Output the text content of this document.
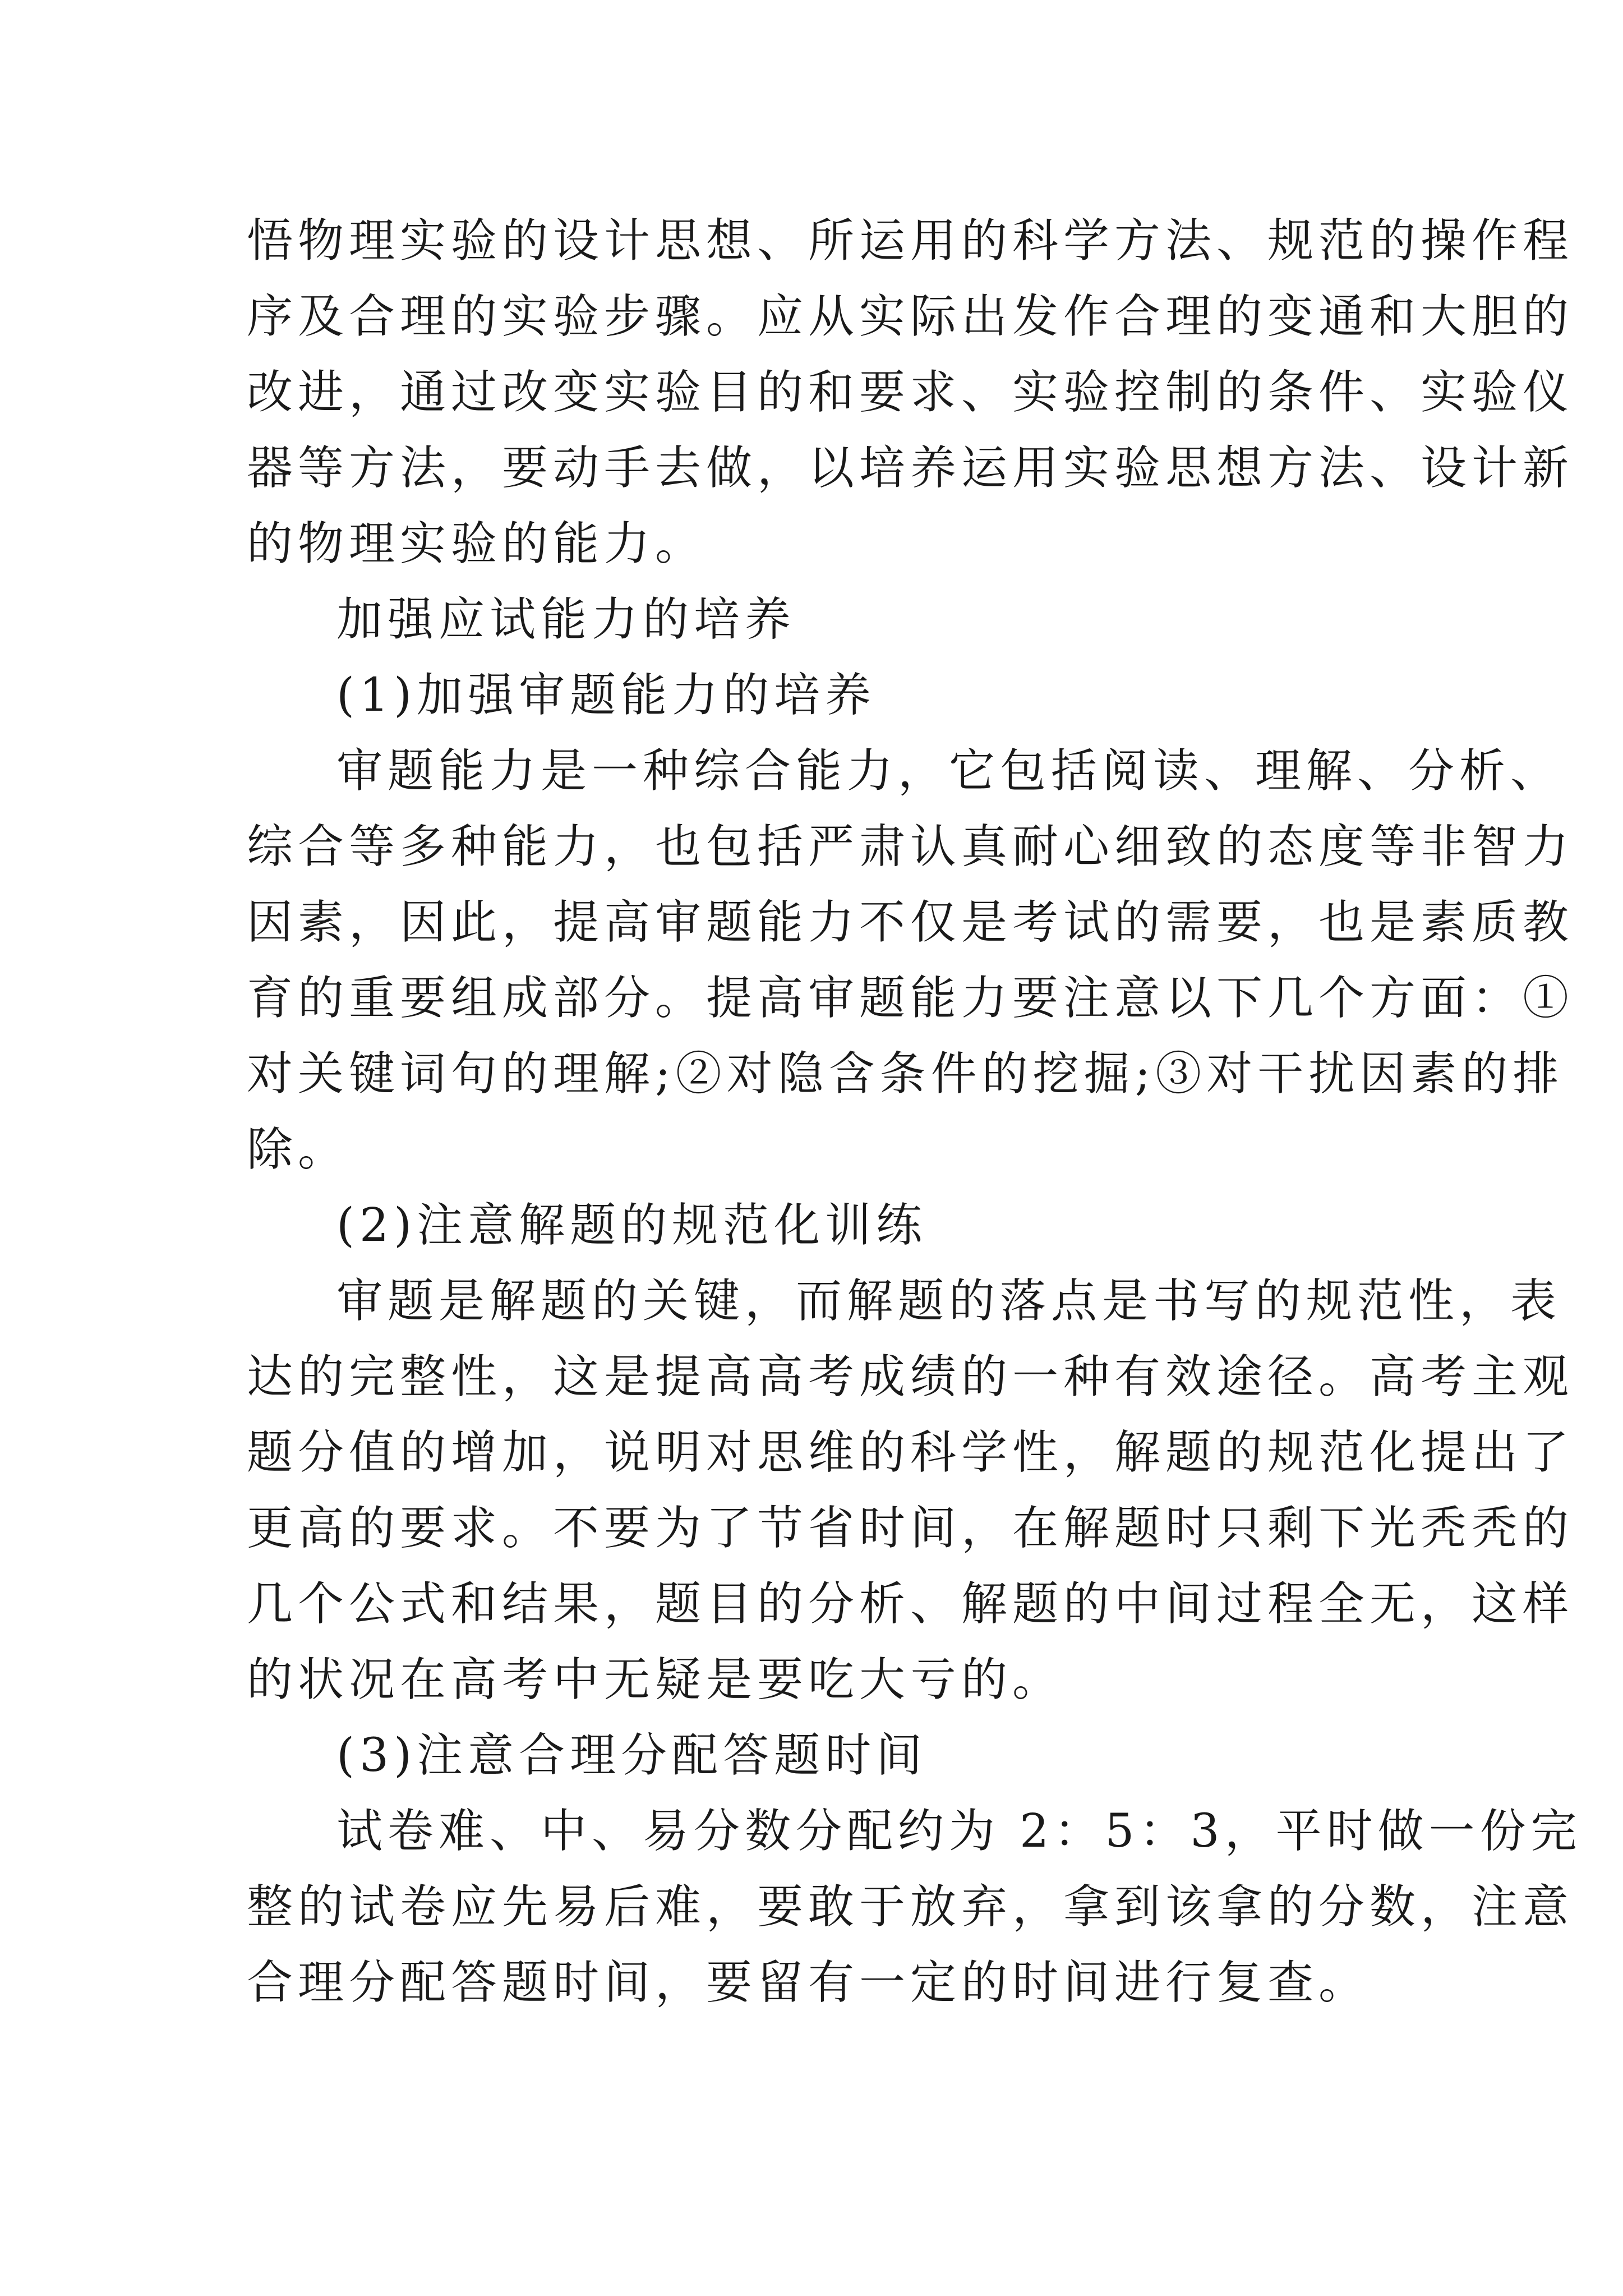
悟物理实验的设计思想、所运用的科学方法、规范的操作程

序及合理的实验步骤。应从实际出发作合理的变通和大胆的

改进，通过改变实验目的和要求、实验控制的条件、实验仪

器等方法，要动手去做，以培养运用实验思想方法、设计新

的物理实验的能力。

加强应试能力的培养

(1)加强审题能力的培养

审题能力是一种综合能力，它包括阅读、理解、分析、

综合等多种能力，也包括严肃认真耐心细致的态度等非智力

因素，因此，提高审题能力不仅是考试的需要，也是素质教

育的重要组成部分。提高审题能力要注意以下几个方面：①

对关键词句的理解;②对隐含条件的挖掘;③对干扰因素的排

除。

(2)注意解题的规范化训练

审题是解题的关键，而解题的落点是书写的规范性，表

达的完整性，这是提高高考成绩的一种有效途径。高考主观

题分值的增加，说明对思维的科学性，解题的规范化提出了

更高的要求。不要为了节省时间，在解题时只剩下光秃秃的

几个公式和结果，题目的分析、解题的中间过程全无，这样

的状况在高考中无疑是要吃大亏的。

(3)注意合理分配答题时间

试卷难、中、易分数分配约为 2：5：3，平时做一份完

整的试卷应先易后难，要敢于放弃，拿到该拿的分数，注意

合理分配答题时间，要留有一定的时间进行复查。
